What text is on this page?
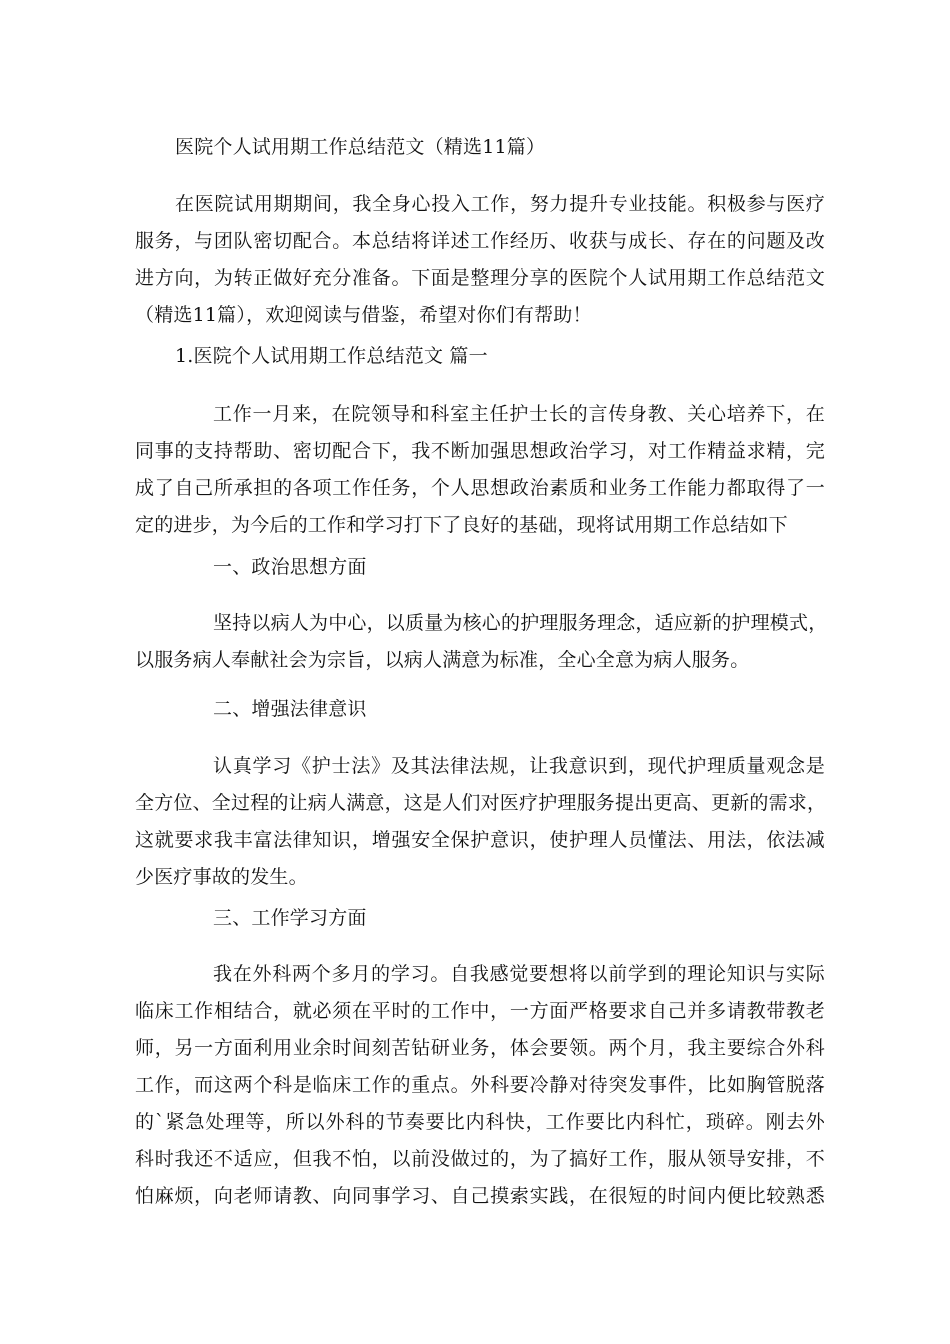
医院个人试用期工作总结范文（精选11篇）
在医院试用期期间，我全身心投入工作，努力提升专业技能。积极参与医疗
服务，与团队密切配合。本总结将详述工作经历、收获与成长、存在的问题及改
进方向，为转正做好充分准备。下面是整理分享的医院个人试用期工作总结范文
（精选11篇），欢迎阅读与借鉴，希望对你们有帮助！
1.医院个人试用期工作总结范文 篇一
工作一月来，在院领导和科室主任护士长的言传身教、关心培养下，在
同事的支持帮助、密切配合下，我不断加强思想政治学习，对工作精益求精，完
成了自己所承担的各项工作任务，个人思想政治素质和业务工作能力都取得了一
定的进步，为今后的工作和学习打下了良好的基础，现将试用期工作总结如下
一、政治思想方面
坚持以病人为中心，以质量为核心的护理服务理念，适应新的护理模式，
以服务病人奉献社会为宗旨，以病人满意为标准，全心全意为病人服务。
二、增强法律意识
认真学习《护士法》及其法律法规，让我意识到，现代护理质量观念是
全方位、全过程的让病人满意，这是人们对医疗护理服务提出更高、更新的需求，
这就要求我丰富法律知识，增强安全保护意识，使护理人员懂法、用法，依法减
少医疗事故的发生。
三、工作学习方面
我在外科两个多月的学习。自我感觉要想将以前学到的理论知识与实际
临床工作相结合，就必须在平时的工作中，一方面严格要求自己并多请教带教老
师，另一方面利用业余时间刻苦钻研业务，体会要领。两个月，我主要综合外科
工作，而这两个科是临床工作的重点。外科要冷静对待突发事件，比如胸管脱落
的`紧急处理等，所以外科的节奏要比内科快，工作要比内科忙，琐碎。刚去外
科时我还不适应，但我不怕，以前没做过的，为了搞好工作，服从领导安排，不
怕麻烦，向老师请教、向同事学习、自己摸索实践，在很短的时间内便比较熟悉
